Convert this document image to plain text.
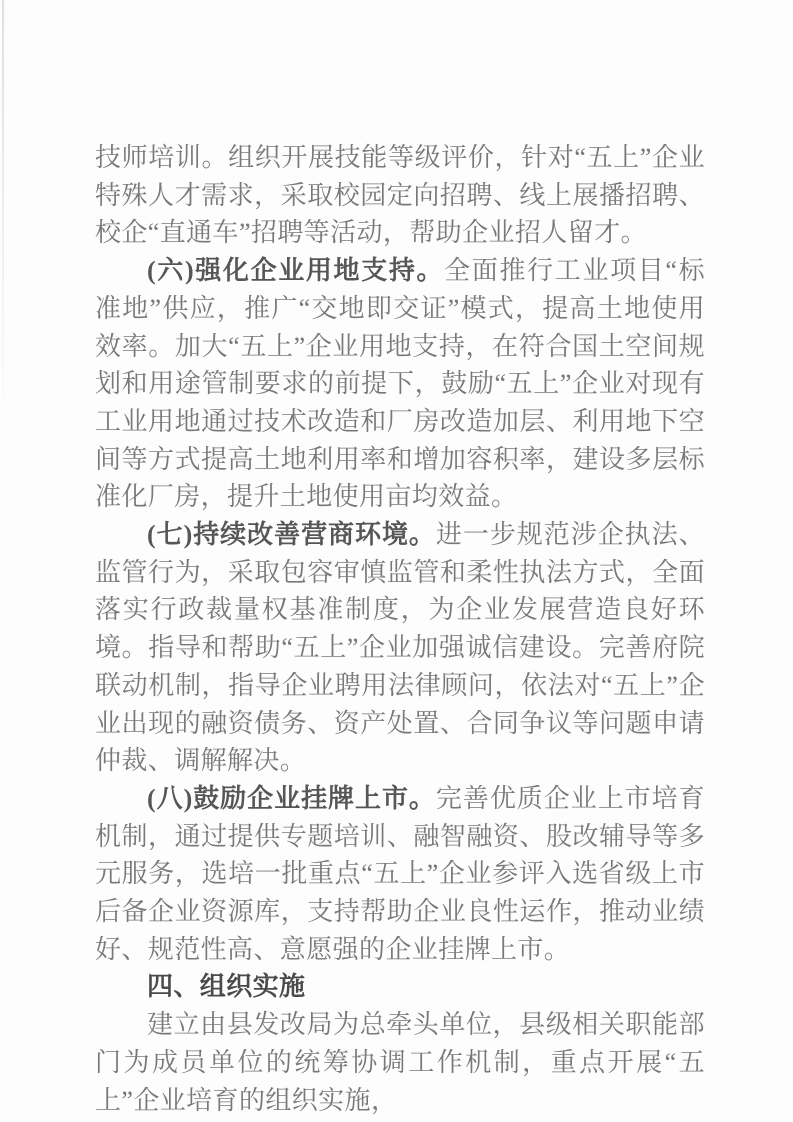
技师培训。组织开展技能等级评价，针对“五上”企业特殊人才需求，采取校园定向招聘、线上展播招聘、校企“直通车”招聘等活动，帮助企业招人留才。

(六)强化企业用地支持。全面推行工业项目“标准地”供应，推广“交地即交证”模式，提高土地使用效率。加大“五上”企业用地支持，在符合国土空间规划和用途管制要求的前提下，鼓励“五上”企业对现有工业用地通过技术改造和厂房改造加层、利用地下空间等方式提高土地利用率和增加容积率，建设多层标准化厂房，提升土地使用亩均效益。

(七)持续改善营商环境。进一步规范涉企执法、监管行为，采取包容审慎监管和柔性执法方式，全面落实行政裁量权基准制度，为企业发展营造良好环境。指导和帮助“五上”企业加强诚信建设。完善府院联动机制，指导企业聘用法律顾问，依法对“五上”企业出现的融资债务、资产处置、合同争议等问题申请仲裁、调解解决。

(八)鼓励企业挂牌上市。完善优质企业上市培育机制，通过提供专题培训、融智融资、股改辅导等多元服务，选培一批重点“五上”企业参评入选省级上市后备企业资源库，支持帮助企业良性运作，推动业绩好、规范性高、意愿强的企业挂牌上市。

四、组织实施

建立由县发改局为总牵头单位，县级相关职能部门为成员单位的统筹协调工作机制，重点开展“五上”企业培育的组织实施，
